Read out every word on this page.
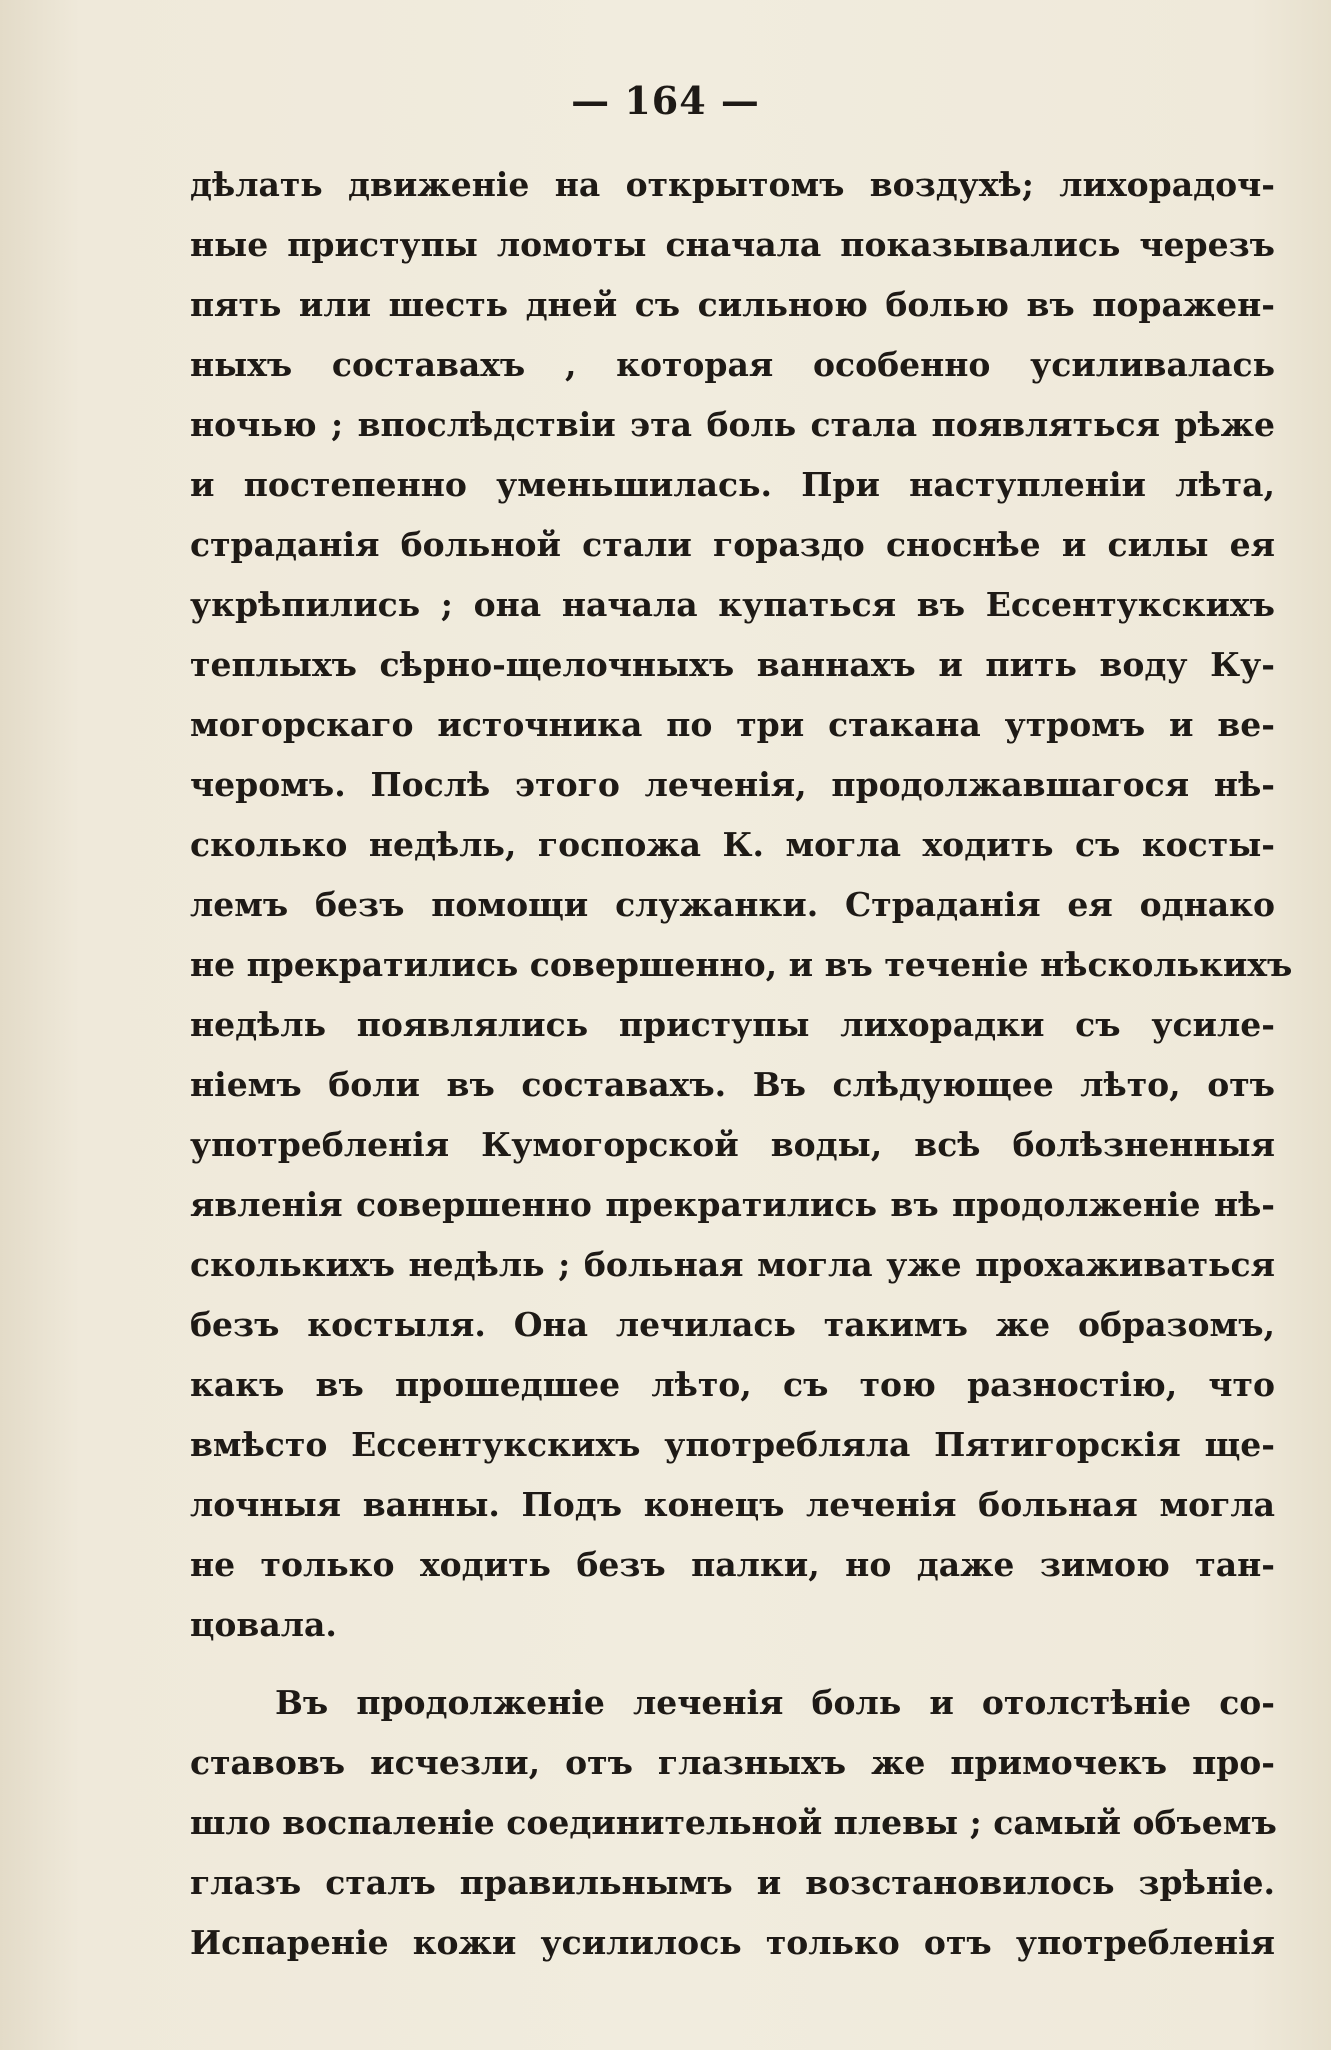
— 164 —
дѣлать движеніе на открытомъ воздухѣ; лихорадоч-
ные приступы ломоты сначала показывались черезъ
пять или шесть дней съ сильною болью въ поражен-
ныхъ составахъ , которая особенно усиливалась
ночью ; впослѣдствіи эта боль стала появляться рѣже
и постепенно уменьшилась. При наступленіи лѣта,
страданія больной стали гораздо сноснѣе и силы ея
укрѣпились ; она начала купаться въ Ессентукскихъ
теплыхъ сѣрно-щелочныхъ ваннахъ и пить воду Ку-
могорскаго источника по три стакана утромъ и ве-
черомъ. Послѣ этого леченія, продолжавшагося нѣ-
сколько недѣль, госпожа К. могла ходить съ косты-
лемъ безъ помощи служанки. Страданія ея однако
не прекратились совершенно, и въ теченіе нѣсколькихъ
недѣль появлялись приступы лихорадки съ усиле-
ніемъ боли въ составахъ. Въ слѣдующее лѣто, отъ
употребленія Кумогорской воды, всѣ болѣзненныя
явленія совершенно прекратились въ продолженіе нѣ-
сколькихъ недѣль ; больная могла уже прохаживаться
безъ костыля. Она лечилась такимъ же образомъ,
какъ въ прошедшее лѣто, съ тою разностію, что
вмѣсто Ессентукскихъ употребляла Пятигорскія ще-
лочныя ванны. Подъ конецъ леченія больная могла
не только ходить безъ палки, но даже зимою тан-
цовала.
Въ продолженіе леченія боль и отолстѣніе со-
ставовъ исчезли, отъ глазныхъ же примочекъ про-
шло воспаленіе соединительной плевы ; самый объемъ
глазъ сталъ правильнымъ и возстановилось зрѣніе.
Испареніе кожи усилилось только отъ употребленія
